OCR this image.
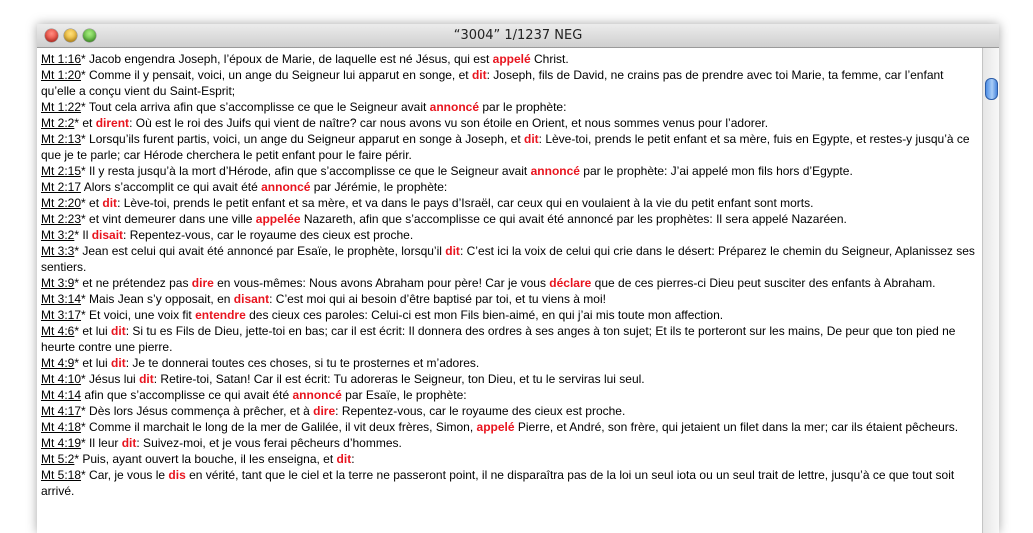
“3004” 1/1237 NEG

Mt 1:16* Jacob engendra Joseph, l’époux de Marie, de laquelle est né Jésus, qui est appelé Christ.

Mt 1:20* Comme il y pensait, voici, un ange du Seigneur lui apparut en songe, et dit: Joseph, fils de David, ne crains pas de prendre avec toi Marie, ta femme, car l’enfant qu’elle a conçu vient du Saint-Esprit;

Mt 1:22* Tout cela arriva afin que s’accomplisse ce que le Seigneur avait annoncé par le prophète:

Mt 2:2* et dirent: Où est le roi des Juifs qui vient de naître? car nous avons vu son étoile en Orient, et nous sommes venus pour l’adorer.

Mt 2:13* Lorsqu’ils furent partis, voici, un ange du Seigneur apparut en songe à Joseph, et dit: Lève-toi, prends le petit enfant et sa mère, fuis en Egypte, et restes-y jusqu’à ce que je te parle; car Hérode cherchera le petit enfant pour le faire périr.

Mt 2:15* Il y resta jusqu’à la mort d’Hérode, afin que s’accomplisse ce que le Seigneur avait annoncé par le prophète: J’ai appelé mon fils hors d’Egypte.

Mt 2:17 Alors s’accomplit ce qui avait été annoncé par Jérémie, le prophète:

Mt 2:20* et dit: Lève-toi, prends le petit enfant et sa mère, et va dans le pays d’Israël, car ceux qui en voulaient à la vie du petit enfant sont morts.

Mt 2:23* et vint demeurer dans une ville appelée Nazareth, afin que s’accomplisse ce qui avait été annoncé par les prophètes: Il sera appelé Nazaréen.

Mt 3:2* Il disait: Repentez-vous, car le royaume des cieux est proche.

Mt 3:3* Jean est celui qui avait été annoncé par Esaïe, le prophète, lorsqu’il dit: C’est ici la voix de celui qui crie dans le désert: Préparez le chemin du Seigneur, Aplanissez ses sentiers.

Mt 3:9* et ne prétendez pas dire en vous-mêmes: Nous avons Abraham pour père! Car je vous déclare que de ces pierres-ci Dieu peut susciter des enfants à Abraham.

Mt 3:14* Mais Jean s’y opposait, en disant: C’est moi qui ai besoin d’être baptisé par toi, et tu viens à moi!

Mt 3:17* Et voici, une voix fit entendre des cieux ces paroles: Celui-ci est mon Fils bien-aimé, en qui j’ai mis toute mon affection.

Mt 4:6* et lui dit: Si tu es Fils de Dieu, jette-toi en bas; car il est écrit: Il donnera des ordres à ses anges à ton sujet; Et ils te porteront sur les mains, De peur que ton pied ne heurte contre une pierre.

Mt 4:9* et lui dit: Je te donnerai toutes ces choses, si tu te prosternes et m’adores.

Mt 4:10* Jésus lui dit: Retire-toi, Satan! Car il est écrit: Tu adoreras le Seigneur, ton Dieu, et tu le serviras lui seul.

Mt 4:14 afin que s’accomplisse ce qui avait été annoncé par Esaïe, le prophète:

Mt 4:17* Dès lors Jésus commença à prêcher, et à dire: Repentez-vous, car le royaume des cieux est proche.

Mt 4:18* Comme il marchait le long de la mer de Galilée, il vit deux frères, Simon, appelé Pierre, et André, son frère, qui jetaient un filet dans la mer; car ils étaient pêcheurs.

Mt 4:19* Il leur dit: Suivez-moi, et je vous ferai pêcheurs d’hommes.

Mt 5:2* Puis, ayant ouvert la bouche, il les enseigna, et dit:

Mt 5:18* Car, je vous le dis en vérité, tant que le ciel et la terre ne passeront point, il ne disparaîtra pas de la loi un seul iota ou un seul trait de lettre, jusqu’à ce que tout soit arrivé.
